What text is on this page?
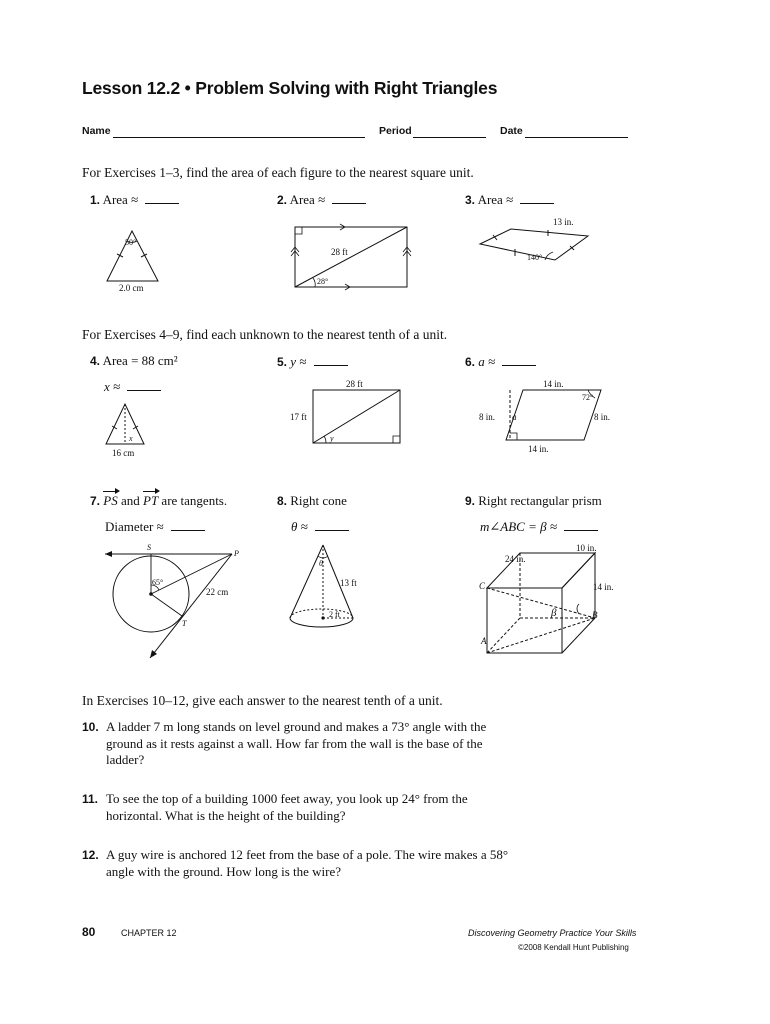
Lesson 12.2 • Problem Solving with Right Triangles
Name	Period	Date
For Exercises 1–3, find the area of each figure to the nearest square unit.
1. Area ≈	2. Area ≈	3. Area ≈
50°
2.0 cm
28 ft
28°
13 in.
140°
For Exercises 4–9, find each unknown to the nearest tenth of a unit.
4. Area = 88 cm²
x ≈
5. y ≈	6. a ≈
x
16 cm
28 ft
17 ft
y
14 in.
72°
8 in. a	8 in.
14 in.
7. PS and PT are tangents.
Diameter ≈
8. Right cone
θ ≈
9. Right rectangular prism
m∠ABC = β ≈
S
P
T
65°
22 cm
θ
13 ft
2 ft
24 in.
10 in.
14 in.
C
B
A
β
In Exercises 10–12, give each answer to the nearest tenth of a unit.
10. A ladder 7 m long stands on level ground and makes a 73° angle with the ground as it rests against a wall. How far from the wall is the base of the ladder?
11. To see the top of a building 1000 feet away, you look up 24° from the horizontal. What is the height of the building?
12. A guy wire is anchored 12 feet from the base of a pole. The wire makes a 58° angle with the ground. How long is the wire?
80	CHAPTER 12	Discovering Geometry Practice Your Skills
©2008 Kendall Hunt Publishing
